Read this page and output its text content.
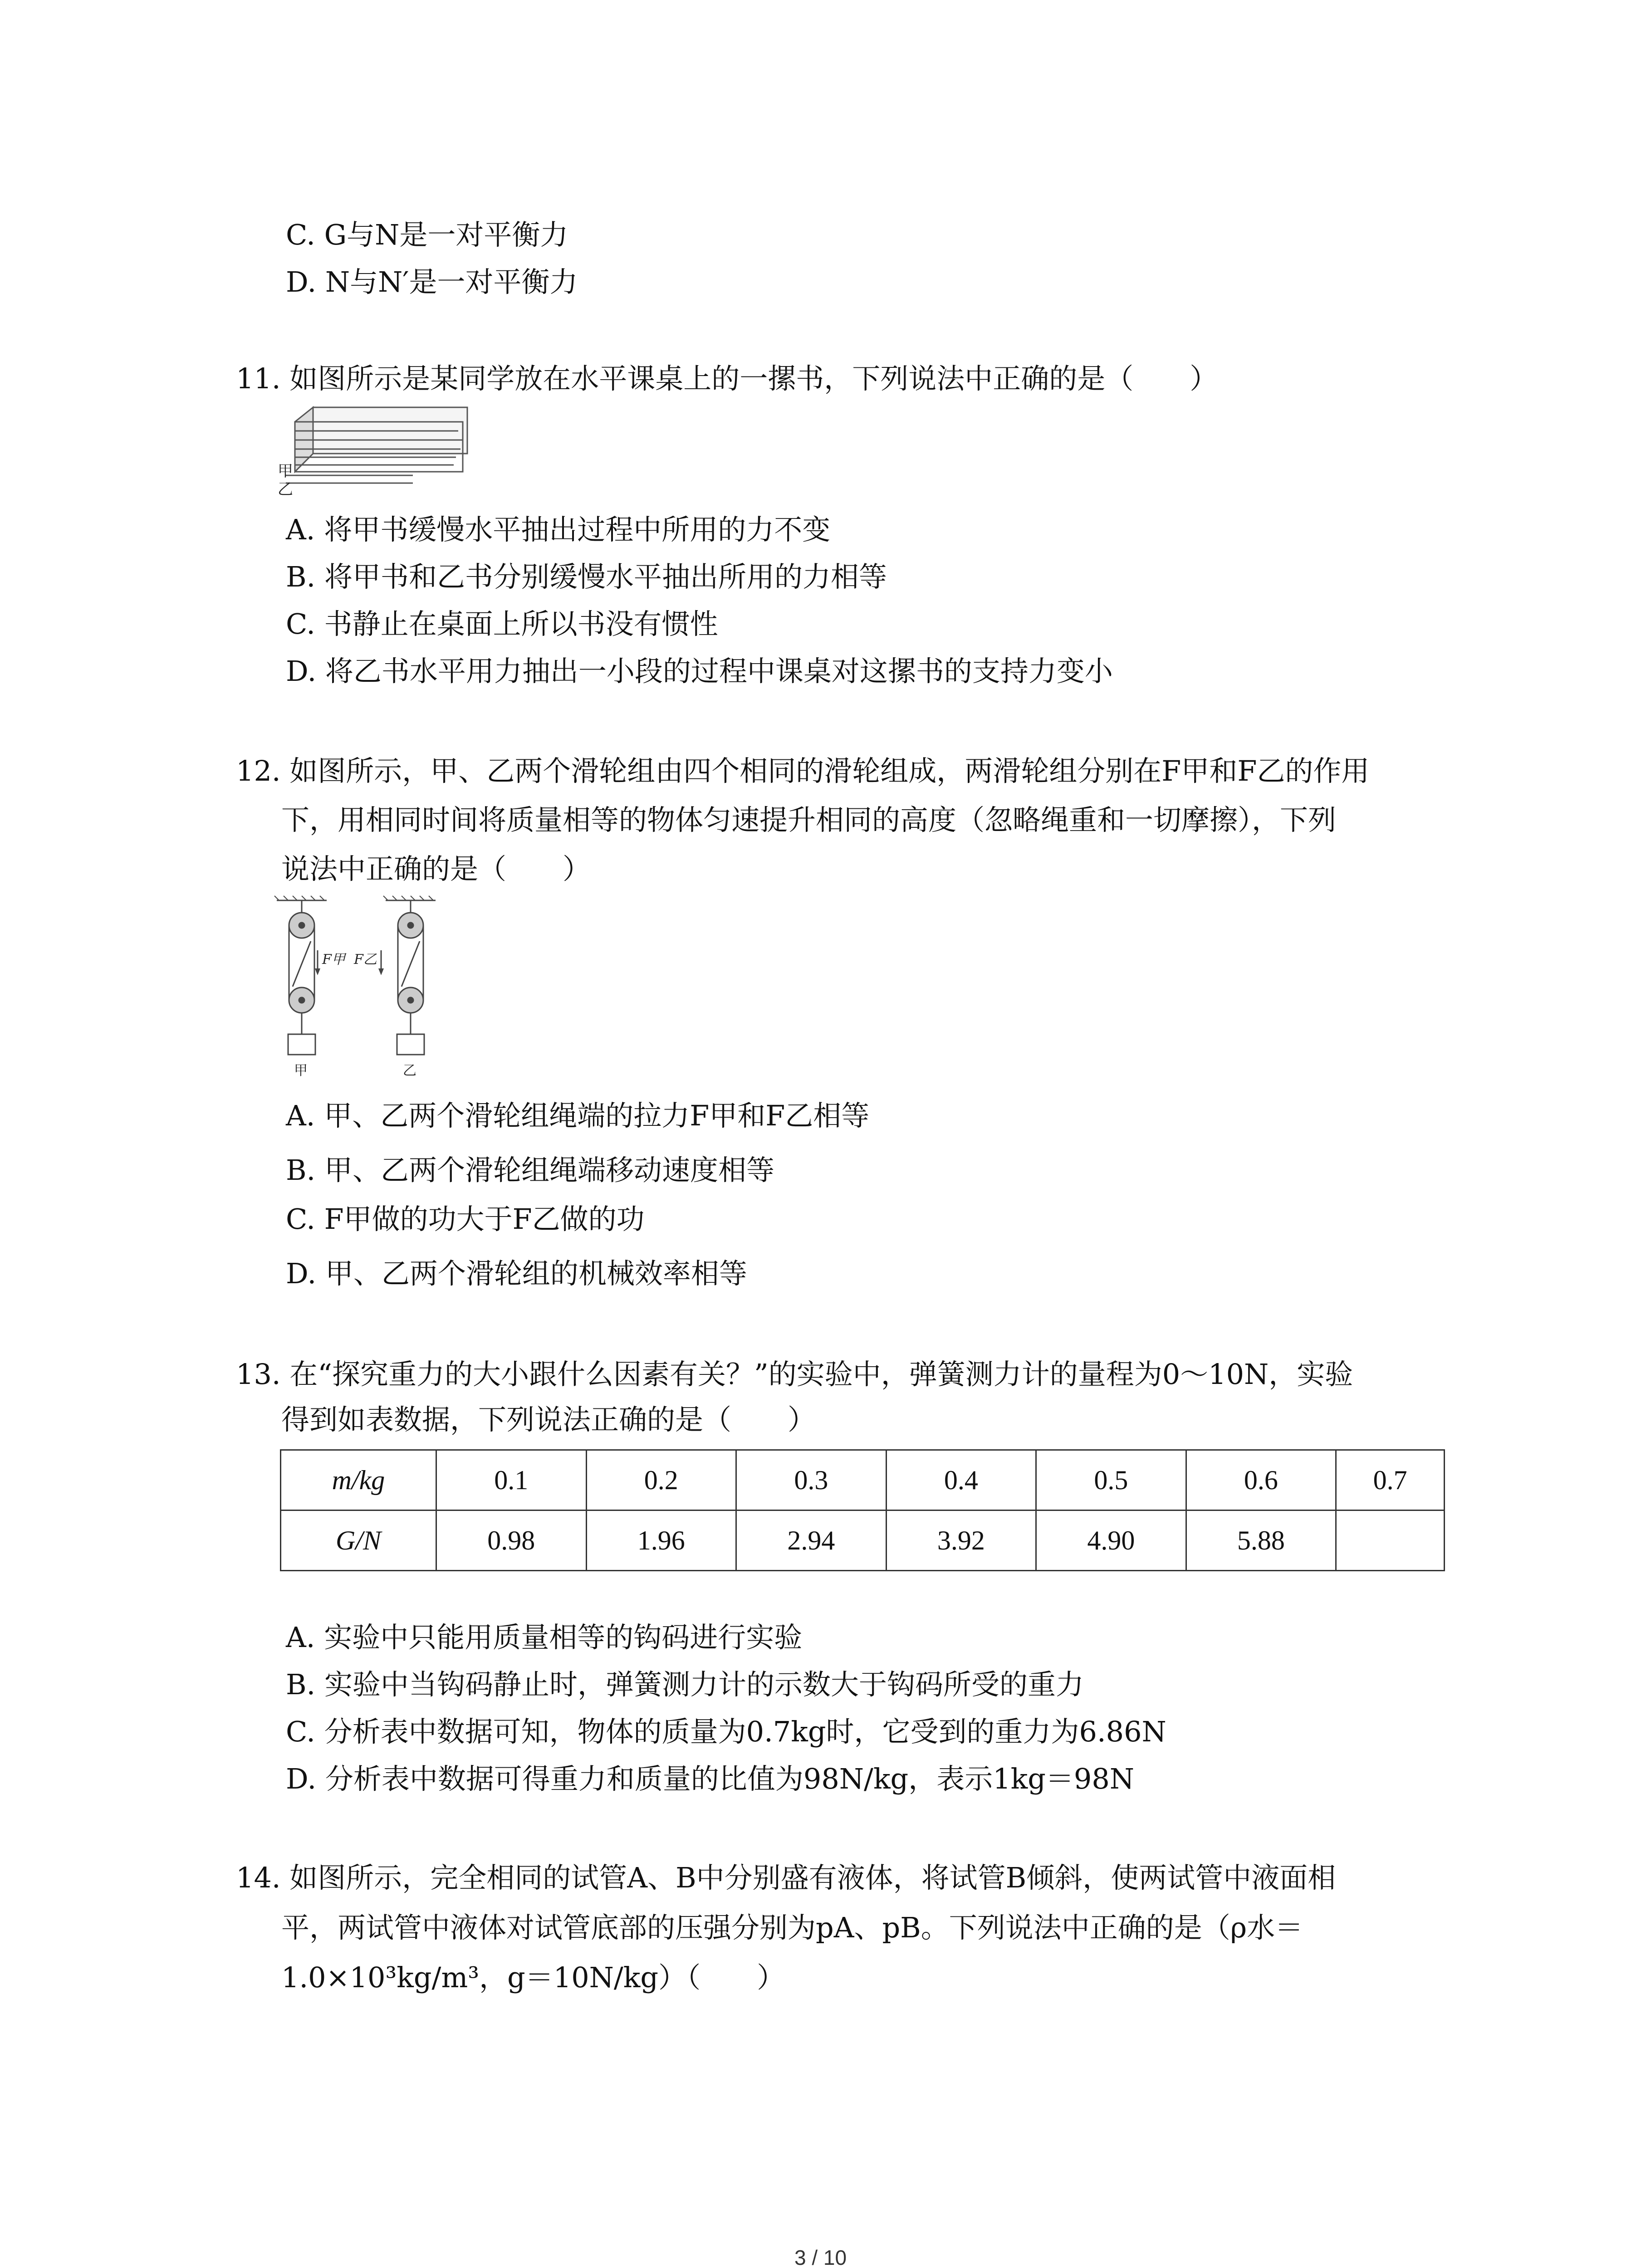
C. G与N是一对平衡力
D. N与N′是一对平衡力
11. 如图所示是某同学放在水平课桌上的一摞书，下列说法中正确的是（　　）
甲
乙
A. 将甲书缓慢水平抽出过程中所用的力不变
B. 将甲书和乙书分别缓慢水平抽出所用的力相等
C. 书静止在桌面上所以书没有惯性
D. 将乙书水平用力抽出一小段的过程中课桌对这摞书的支持力变小
12. 如图所示，甲、乙两个滑轮组由四个相同的滑轮组成，两滑轮组分别在F甲和F乙的作用
下，用相同时间将质量相等的物体匀速提升相同的高度（忽略绳重和一切摩擦），下列
说法中正确的是（　　）
F甲 F乙
甲	乙
A. 甲、乙两个滑轮组绳端的拉力F甲和F乙相等
B. 甲、乙两个滑轮组绳端移动速度相等
C. F甲做的功大于F乙做的功
D. 甲、乙两个滑轮组的机械效率相等
13. 在“探究重力的大小跟什么因素有关？”的实验中，弹簧测力计的量程为0～10N，实验
得到如表数据，下列说法正确的是（　　）
m/kg	0.1	0.2	0.3	0.4	0.5	0.6	0.7
G/N	0.98	1.96	2.94	3.92	4.90	5.88	
A. 实验中只能用质量相等的钩码进行实验
B. 实验中当钩码静止时，弹簧测力计的示数大于钩码所受的重力
C. 分析表中数据可知，物体的质量为0.7kg时，它受到的重力为6.86N
D. 分析表中数据可得重力和质量的比值为98N/kg，表示1kg＝98N
14. 如图所示，完全相同的试管A、B中分别盛有液体，将试管B倾斜，使两试管中液面相
平，两试管中液体对试管底部的压强分别为pA、pB。下列说法中正确的是（ρ水＝
1.0×10³kg/m³，g＝10N/kg）（　　）
3 / 10
